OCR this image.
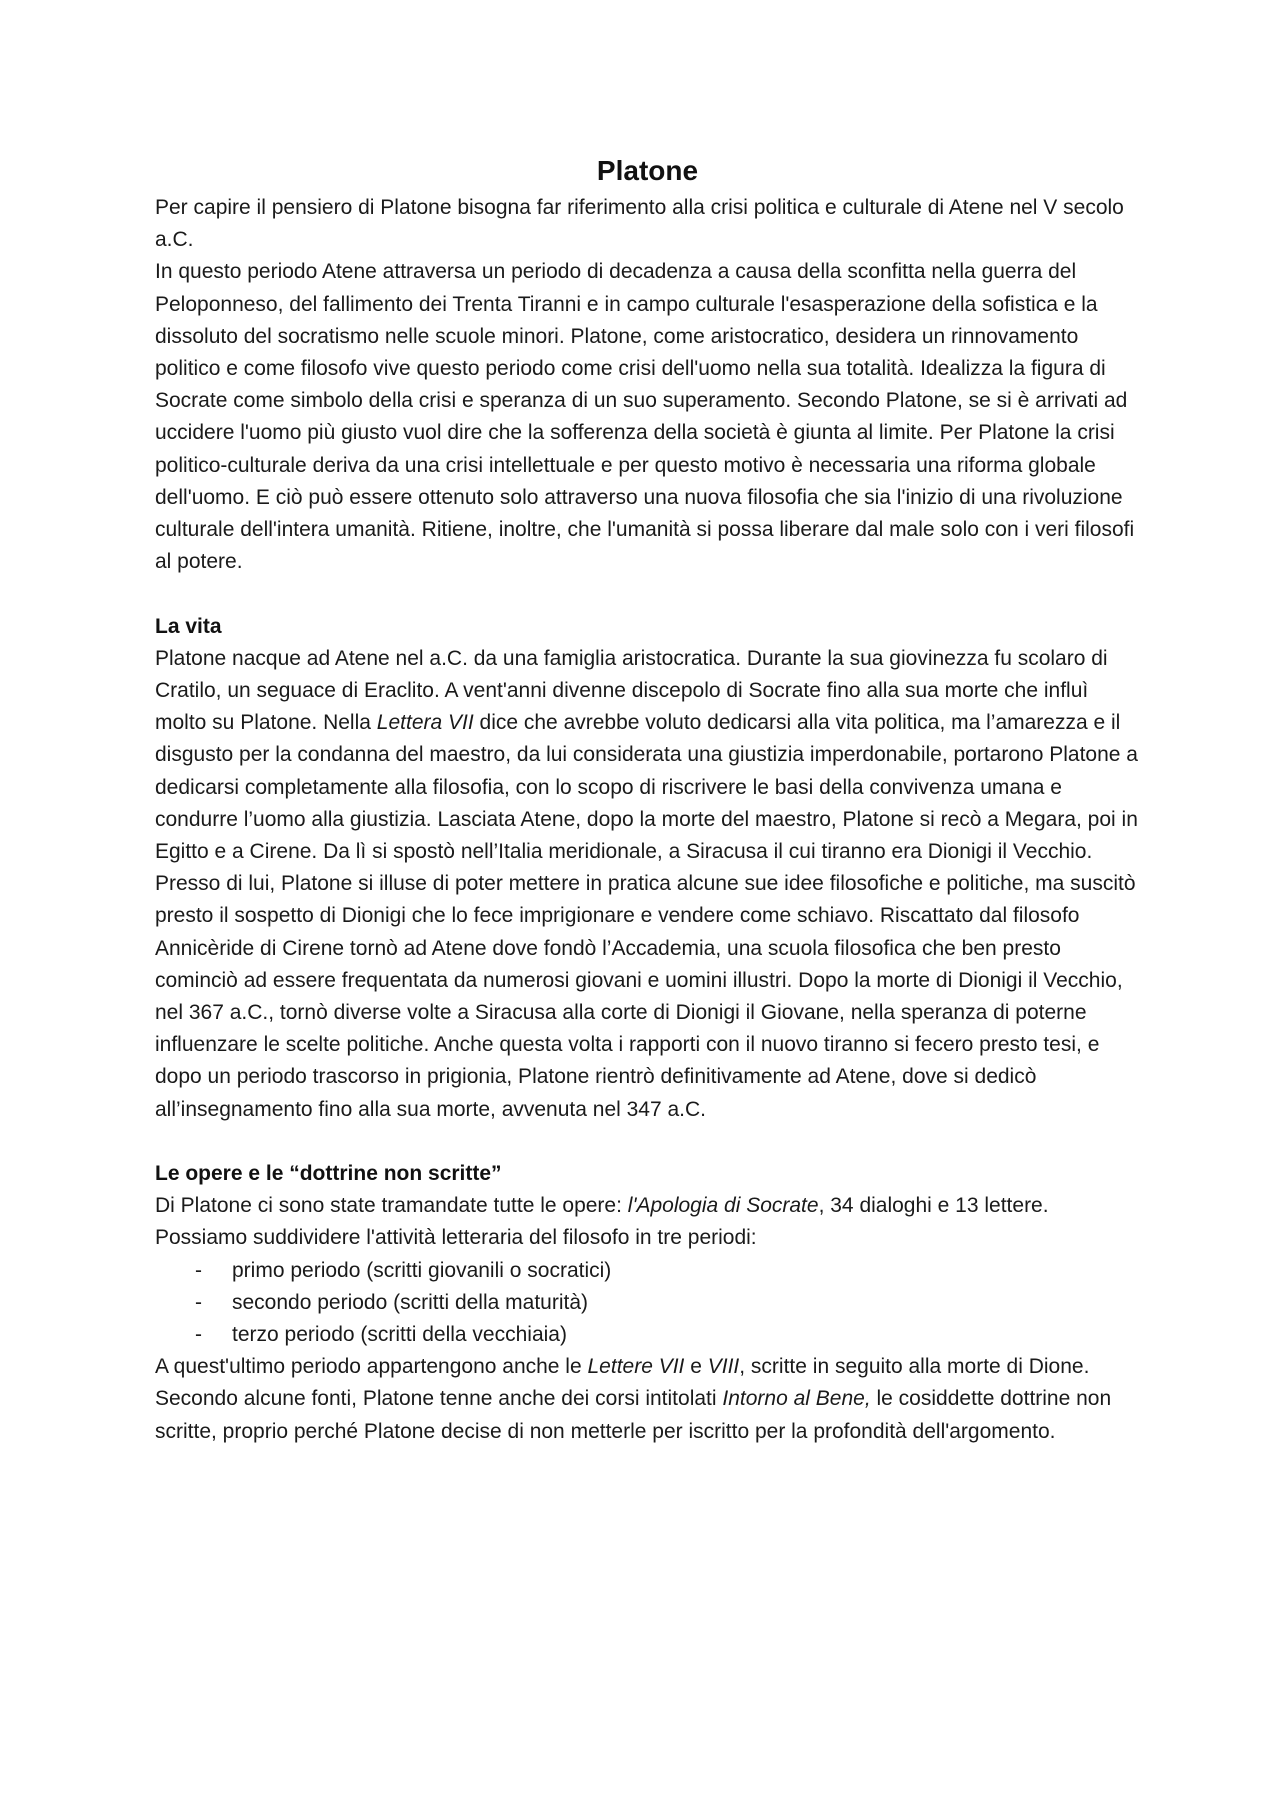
Platone

Per capire il pensiero di Platone bisogna far riferimento alla crisi politica e culturale di Atene nel V secolo a.C.

In questo periodo Atene attraversa un periodo di decadenza a causa della sconfitta nella guerra del Peloponneso, del fallimento dei Trenta Tiranni e in campo culturale l'esasperazione della sofistica e la dissoluto del socratismo nelle scuole minori. Platone, come aristocratico, desidera un rinnovamento politico e come filosofo vive questo periodo come crisi dell'uomo nella sua totalità. Idealizza la figura di Socrate come simbolo della crisi e speranza di un suo superamento. Secondo Platone, se si è arrivati ad uccidere l'uomo più giusto vuol dire che la sofferenza della società è giunta al limite. Per Platone la crisi politico-culturale deriva da una crisi intellettuale e per questo motivo è necessaria una riforma globale dell'uomo. E ciò può essere ottenuto solo attraverso una nuova filosofia che sia l'inizio di una rivoluzione culturale dell'intera umanità. Ritiene, inoltre, che l'umanità si possa liberare dal male solo con i veri filosofi al potere.

La vita

Platone nacque ad Atene nel a.C. da una famiglia aristocratica. Durante la sua giovinezza fu scolaro di Cratilo, un seguace di Eraclito. A vent'anni divenne discepolo di Socrate fino alla sua morte che influì molto su Platone. Nella Lettera VII dice che avrebbe voluto dedicarsi alla vita politica, ma l’amarezza e il disgusto per la condanna del maestro, da lui considerata una giustizia imperdonabile, portarono Platone a dedicarsi completamente alla filosofia, con lo scopo di riscrivere le basi della convivenza umana e condurre l’uomo alla giustizia. Lasciata Atene, dopo la morte del maestro, Platone si recò a Megara, poi in Egitto e a Cirene. Da lì si spostò nell’Italia meridionale, a Siracusa il cui tiranno era Dionigi il Vecchio. Presso di lui, Platone si illuse di poter mettere in pratica alcune sue idee filosofiche e politiche, ma suscitò presto il sospetto di Dionigi che lo fece imprigionare e vendere come schiavo. Riscattato dal filosofo Annicèride di Cirene tornò ad Atene dove fondò l’Accademia, una scuola filosofica che ben presto cominciò ad essere frequentata da numerosi giovani e uomini illustri. Dopo la morte di Dionigi il Vecchio, nel 367 a.C., tornò diverse volte a Siracusa alla corte di Dionigi il Giovane, nella speranza di poterne influenzare le scelte politiche. Anche questa volta i rapporti con il nuovo tiranno si fecero presto tesi, e dopo un periodo trascorso in prigionia, Platone rientrò definitivamente ad Atene, dove si dedicò all’insegnamento fino alla sua morte, avvenuta nel 347 a.C.

Le opere e le “dottrine non scritte”

Di Platone ci sono state tramandate tutte le opere: l'Apologia di Socrate, 34 dialoghi e 13 lettere. Possiamo suddividere l'attività letteraria del filosofo in tre periodi:

- primo periodo (scritti giovanili o socratici)
- secondo periodo (scritti della maturità)
- terzo periodo (scritti della vecchiaia)

A quest'ultimo periodo appartengono anche le Lettere VII e VIII, scritte in seguito alla morte di Dione.

Secondo alcune fonti, Platone tenne anche dei corsi intitolati Intorno al Bene, le cosiddette dottrine non scritte, proprio perché Platone decise di non metterle per iscritto per la profondità dell'argomento.
